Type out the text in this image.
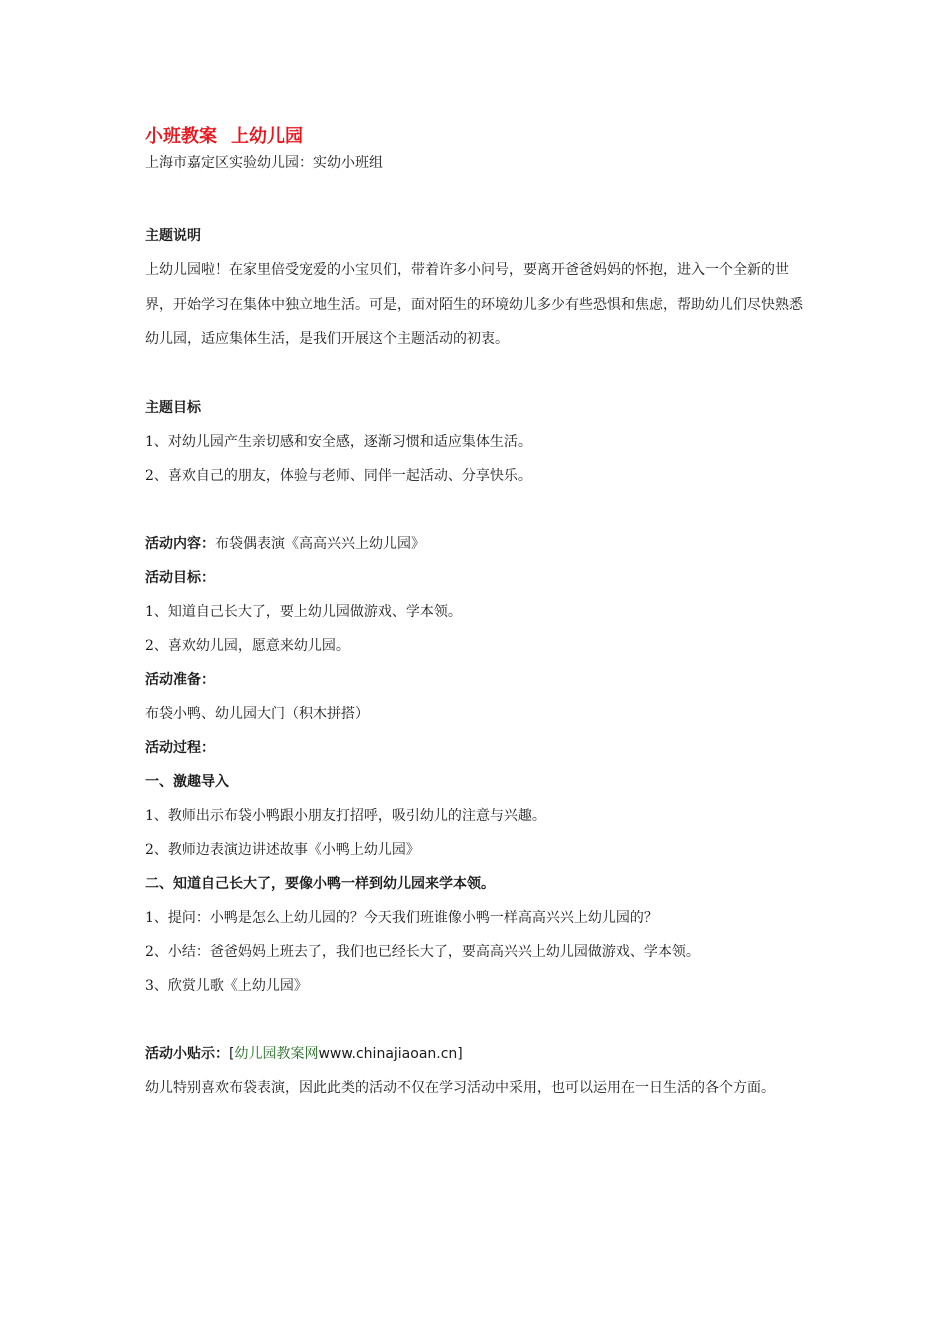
小班教案 上幼儿园
上海市嘉定区实验幼儿园：实幼小班组
主题说明
上幼儿园啦！在家里倍受宠爱的小宝贝们，带着许多小问号，要离开爸爸妈妈的怀抱，进入一个全新的世界，开始学习在集体中独立地生活。可是，面对陌生的环境幼儿多少有些恐惧和焦虑，帮助幼儿们尽快熟悉幼儿园，适应集体生活，是我们开展这个主题活动的初衷。
主题目标
1、对幼儿园产生亲切感和安全感，逐渐习惯和适应集体生活。
2、喜欢自己的朋友，体验与老师、同伴一起活动、分享快乐。
活动内容：布袋偶表演《高高兴兴上幼儿园》
活动目标：
1、知道自己长大了，要上幼儿园做游戏、学本领。
2、喜欢幼儿园，愿意来幼儿园。
活动准备：
布袋小鸭、幼儿园大门（积木拼搭）
活动过程：
一、激趣导入
1、教师出示布袋小鸭跟小朋友打招呼，吸引幼儿的注意与兴趣。
2、教师边表演边讲述故事《小鸭上幼儿园》
二、知道自己长大了，要像小鸭一样到幼儿园来学本领。
1、提问：小鸭是怎么上幼儿园的？今天我们班谁像小鸭一样高高兴兴上幼儿园的？
2、小结：爸爸妈妈上班去了，我们也已经长大了，要高高兴兴上幼儿园做游戏、学本领。
3、欣赏儿歌《上幼儿园》
活动小贴示：[幼儿园教案网www.chinajiaoan.cn]
幼儿特别喜欢布袋表演，因此此类的活动不仅在学习活动中采用，也可以运用在一日生活的各个方面。
